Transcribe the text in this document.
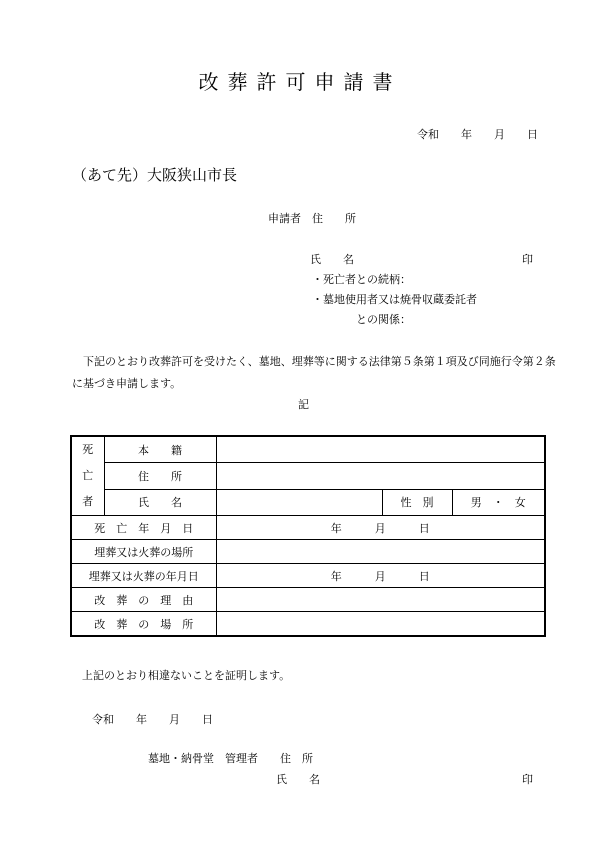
改葬許可申請書
令和　　年　　月　　日
（あて先）大阪狭山市長
申請者　住　　所
氏　　名	印
・死亡者との続柄：
・墓地使用者又は焼骨収蔵委託者
との関係：
下記のとおり改葬許可を受けたく、墓地、埋葬等に関する法律第５条第１項及び同施行令第２条
に基づき申請します。
記
死
亡
者	本　　籍			
	住　　所			
	氏　　名		性　別	男　・　女
死　亡　年　月　日		年　　　月　　　日		
埋葬又は火葬の場所				
埋葬又は火葬の年月日		年　　　月　　　日		
改　葬　の　理　由				
改　葬　の　場　所				
上記のとおり相違ないことを証明します。
令和　　年　　月　　日
墓地・納骨堂　管理者　　住　所
氏　　名	印
